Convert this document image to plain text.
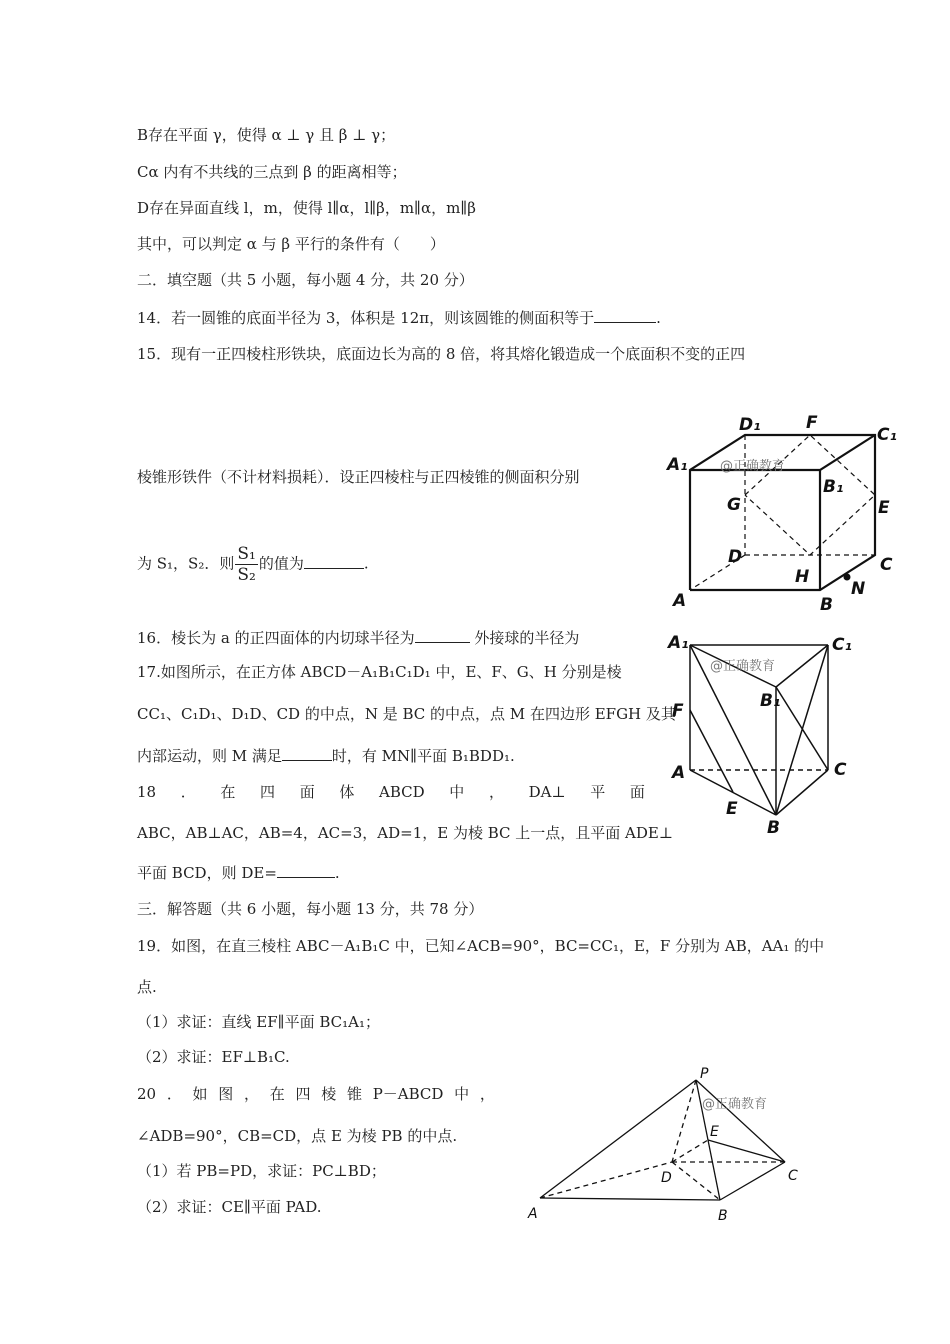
B存在平面 γ，使得 α ⊥ γ 且 β ⊥ γ；
Cα 内有不共线的三点到 β 的距离相等；
D存在异面直线 l，m，使得 l∥α，l∥β，m∥α，m∥β
其中，可以判定 α 与 β 平行的条件有（　　）
二．填空题（共 5 小题，每小题 4 分，共 20 分）
14．若一圆锥的底面半径为 3，体积是 12π，则该圆锥的侧面积等于	.
15．现有一正四棱柱形铁块，底面边长为高的 8 倍，将其熔化锻造成一个底面积不变的正四
棱锥形铁件（不计材料损耗）．设正四棱柱与正四棱锥的侧面积分别
为 S₁，S₂．则 $\frac{\text{S₁}}{\text{S₂}}$ 的值为	.
16．棱长为 a 的正四面体的内切球半径为	外接球的半径为
17.如图所示，在正方体 ABCD－A₁B₁C₁D₁ 中，E、F、G、H 分别是棱
CC₁、C₁D₁、D₁D、CD 的中点，N 是 BC 的中点，点 M 在四边形 EFGH 及其
内部运动，则 M 满足	时，有 MN∥平面 B₁BDD₁.
18 ． 在 四 面 体 ABCD 中 ， DA⊥ 平 面
ABC，AB⊥AC，AB=4，AC=3，AD=1，E 为棱 BC 上一点，且平面 ADE⊥
平面 BCD，则 DE=	.
三．解答题（共 6 小题，每小题 13 分，共 78 分）
19．如图，在直三棱柱 ABC－A₁B₁C 中，已知∠ACB=90°，BC=CC₁，E，F 分别为 AB，AA₁ 的中
点.
（1）求证：直线 EF∥平面 BC₁A₁；
（2）求证：EF⊥B₁C.
20 ． 如 图 ， 在 四 棱 锥 P－ABCD 中 ，
∠ADB=90°，CB=CD，点 E 为棱 PB 的中点.
（1）若 PB=PD，求证：PC⊥BD；
（2）求证：CE∥平面 PAD.
A	B
C
D
A₁
B₁
C₁
D₁
E
F
G
H
N
@正确教育
A₁	C₁
B₁
F
A	C
E
B
@正确教育
P
E
D	C
A	B
@正确教育
